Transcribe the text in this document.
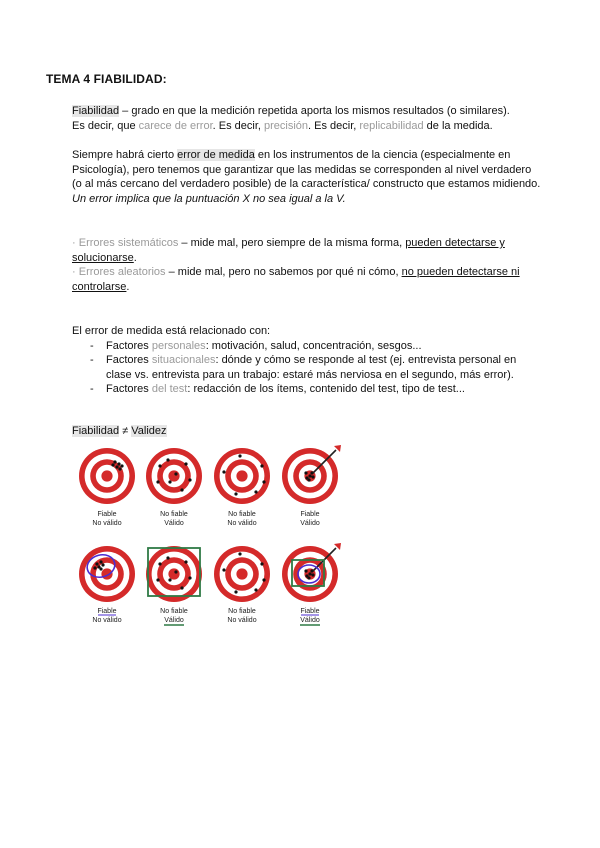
TEMA 4 FIABILIDAD:
Fiabilidad – grado en que la medición repetida aporta los mismos resultados (o similares).
Es decir, que carece de error. Es decir, precisión. Es decir, replicabilidad de la medida.
Siempre habrá cierto error de medida en los instrumentos de la ciencia (especialmente en Psicología), pero tenemos que garantizar que las medidas se corresponden al nivel verdadero (o al más cercano del verdadero posible) de la característica/ constructo que estamos midiendo.
Un error implica que la puntuación X no sea igual a la V.
· Errores sistemáticos – mide mal, pero siempre de la misma forma, pueden detectarse y solucionarse.
· Errores aleatorios – mide mal, pero no sabemos por qué ni cómo, no pueden detectarse ni controlarse.
El error de medida está relacionado con:
- Factores personales: motivación, salud, concentración, sesgos...
- Factores situacionales: dónde y cómo se responde al test (ej. entrevista personal en clase vs. entrevista para un trabajo: estaré más nerviosa en el segundo, más error).
- Factores del test: redacción de los ítems, contenido del test, tipo de test...
Fiabilidad ≠ Validez
Fiable
No válido
No fiable
Válido
No fiable
No válido
Fiable
Válido
Fiable
No válido
No fiable
Válido
No fiable
No válido
Fiable
Válido
